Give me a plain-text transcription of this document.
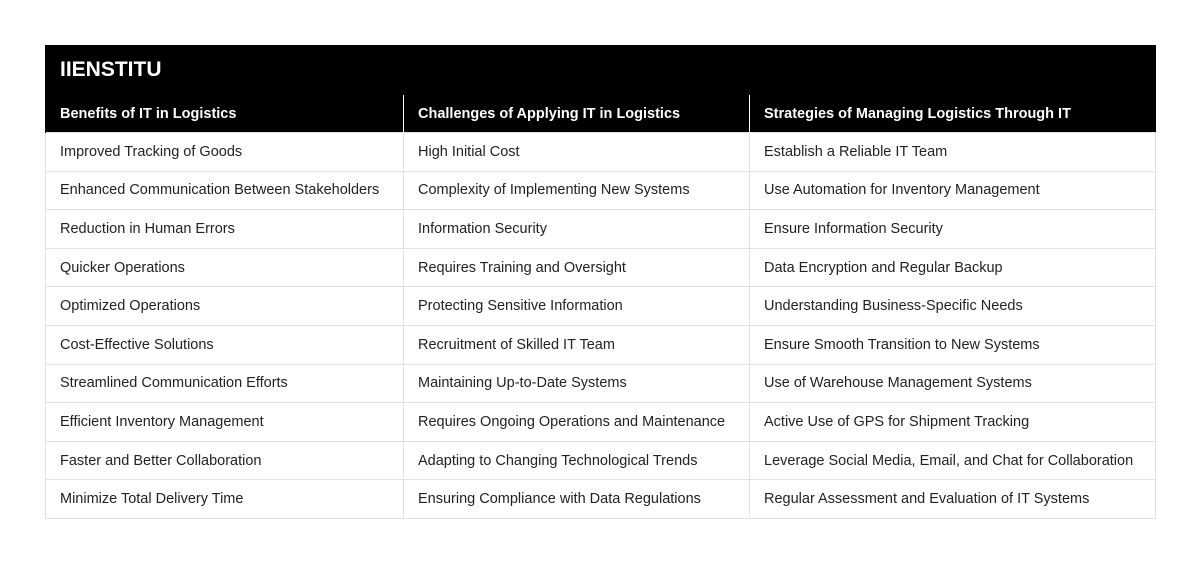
IIENSTITU		
Benefits of IT in Logistics	Challenges of Applying IT in Logistics	Strategies of Managing Logistics Through IT
Improved Tracking of Goods	High Initial Cost	Establish a Reliable IT Team
Enhanced Communication Between Stakeholders	Complexity of Implementing New Systems	Use Automation for Inventory Management
Reduction in Human Errors	Information Security	Ensure Information Security
Quicker Operations	Requires Training and Oversight	Data Encryption and Regular Backup
Optimized Operations	Protecting Sensitive Information	Understanding Business-Specific Needs
Cost-Effective Solutions	Recruitment of Skilled IT Team	Ensure Smooth Transition to New Systems
Streamlined Communication Efforts	Maintaining Up-to-Date Systems	Use of Warehouse Management Systems
Efficient Inventory Management	Requires Ongoing Operations and Maintenance	Active Use of GPS for Shipment Tracking
Faster and Better Collaboration	Adapting to Changing Technological Trends	Leverage Social Media, Email, and Chat for Collaboration
Minimize Total Delivery Time	Ensuring Compliance with Data Regulations	Regular Assessment and Evaluation of IT Systems
